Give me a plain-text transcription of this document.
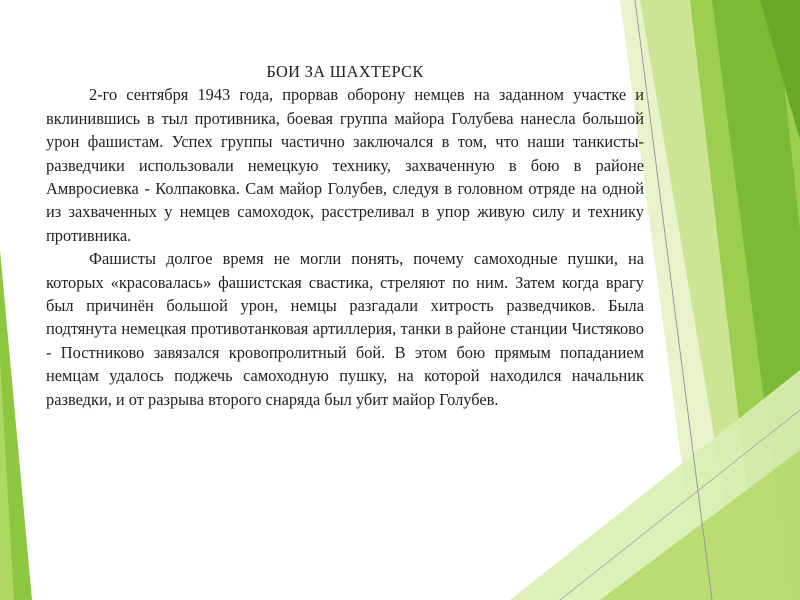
БОИ ЗА ШАХТЕРСК

2-го сентября 1943 года, прорвав оборону немцев на заданном участке и вклинившись в тыл противника, боевая группа майора Голубева нанесла большой урон фашистам. Успех группы частично заключался в том, что наши танкисты-разведчики использовали немецкую технику, захваченную в бою в районе Амвросиевка - Колпаковка. Сам майор Голубев, следуя в головном отряде на одной из захваченных у немцев самоходок, расстреливал в упор живую силу и технику противника.

Фашисты долгое время не могли понять, почему самоходные пушки, на которых «красовалась» фашистская свастика, стреляют по ним. Затем когда врагу был причинён большой урон, немцы разгадали хитрость разведчиков. Была подтянута немецкая противотанковая артиллерия, танки в районе станции Чистяково - Постниково завязался кровопролитный бой. В этом бою прямым попаданием немцам удалось поджечь самоходную пушку, на которой находился начальник разведки, и от разрыва второго снаряда был убит майор Голубев.
